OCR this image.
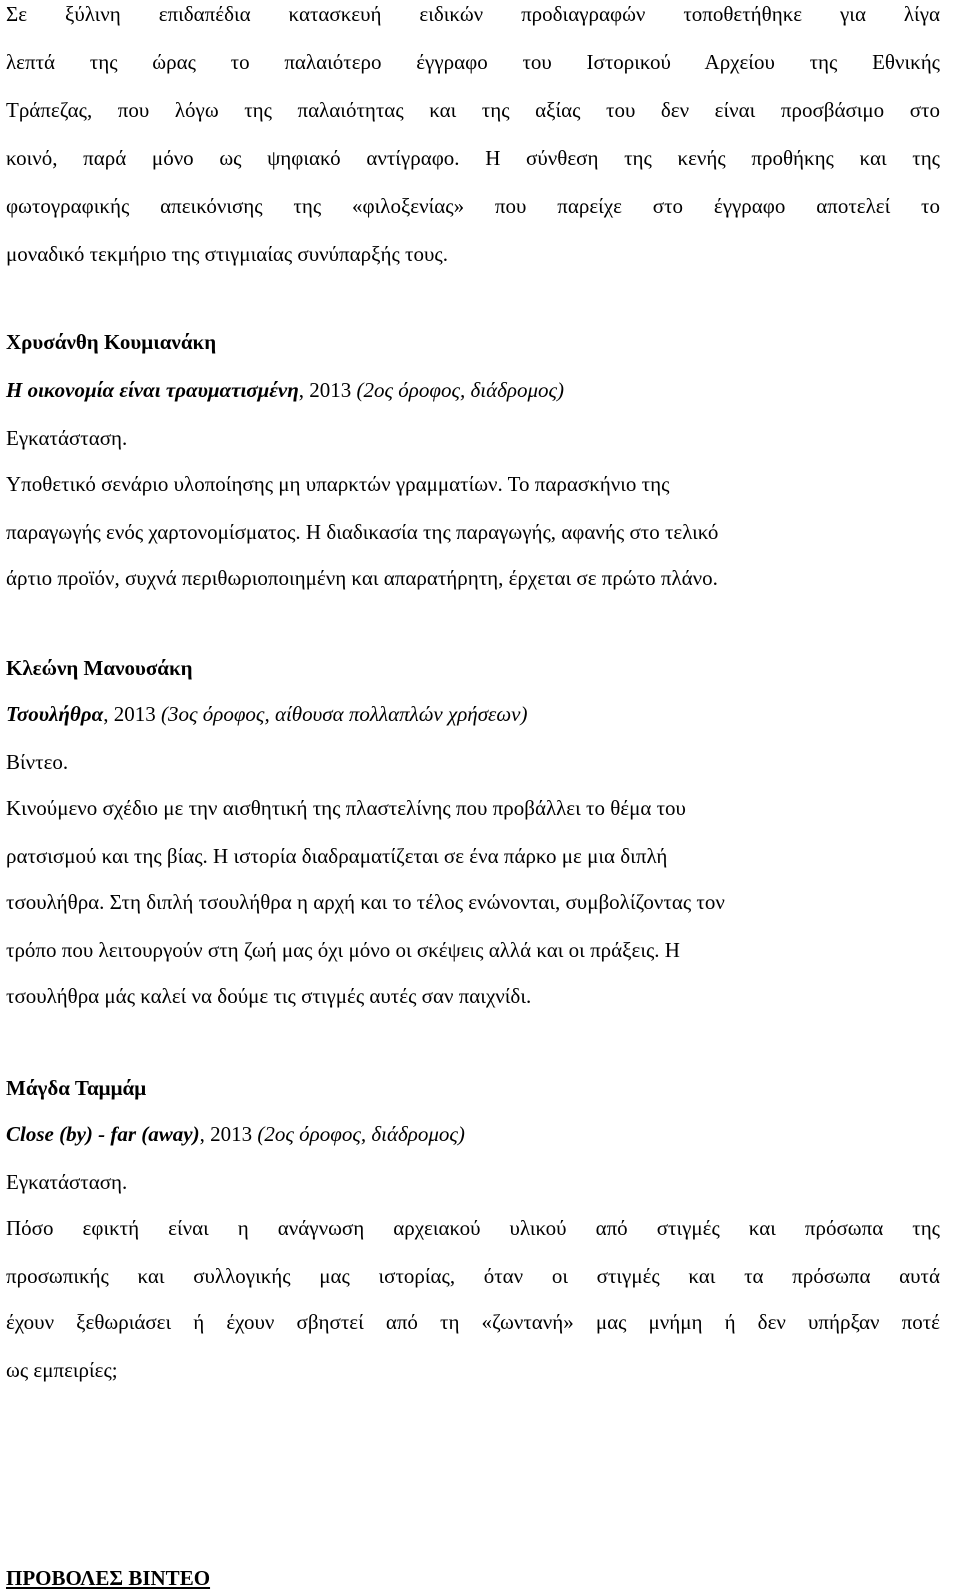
Σε ξύλινη επιδαπέδια κατασκευή ειδικών προδιαγραφών τοποθετήθηκε για λίγα
λεπτά της ώρας το παλαιότερο έγγραφο του Ιστορικού Αρχείου της Εθνικής
Τράπεζας, που λόγω της παλαιότητας και της αξίας του δεν είναι προσβάσιμο στο
κοινό, παρά μόνο ως ψηφιακό αντίγραφο. Η σύνθεση της κενής προθήκης και της
φωτογραφικής απεικόνισης της «φιλοξενίας» που παρείχε στο έγγραφο αποτελεί το
μοναδικό τεκμήριο της στιγμιαίας συνύπαρξής τους.
Χρυσάνθη Κουμιανάκη
Η οικονομία είναι τραυματισμένη, 2013 (2ος όροφος, διάδρομος)
Εγκατάσταση.
Υποθετικό σενάριο υλοποίησης μη υπαρκτών γραμματίων. Το παρασκήνιο της
παραγωγής ενός χαρτονομίσματος. Η διαδικασία της παραγωγής, αφανής στο τελικό
άρτιο προϊόν, συχνά περιθωριοποιημένη και απαρατήρητη, έρχεται σε πρώτο πλάνο.
Κλεώνη Μανουσάκη
Τσουλήθρα, 2013 (3ος όροφος, αίθουσα πολλαπλών χρήσεων)
Βίντεο.
Κινούμενο σχέδιο με την αισθητική της πλαστελίνης που προβάλλει το θέμα του
ρατσισμού και της βίας. Η ιστορία διαδραματίζεται σε ένα πάρκο με μια διπλή
τσουλήθρα. Στη διπλή τσουλήθρα η αρχή και το τέλος ενώνονται, συμβολίζοντας τον
τρόπο που λειτουργούν στη ζωή μας όχι μόνο οι σκέψεις αλλά και οι πράξεις. Η
τσουλήθρα μάς καλεί να δούμε τις στιγμές αυτές σαν παιχνίδι.
Μάγδα Ταμμάμ
Close (by) - far (away), 2013 (2ος όροφος, διάδρομος)
Εγκατάσταση.
Πόσο εφικτή είναι η ανάγνωση αρχειακού υλικού από στιγμές και πρόσωπα της
προσωπικής και συλλογικής μας ιστορίας, όταν οι στιγμές και τα πρόσωπα αυτά
έχουν ξεθωριάσει ή έχουν σβηστεί από τη «ζωντανή» μας μνήμη ή δεν υπήρξαν ποτέ
ως εμπειρίες;
ΠΡΟΒΟΛΕΣ ΒΙΝΤΕΟ
